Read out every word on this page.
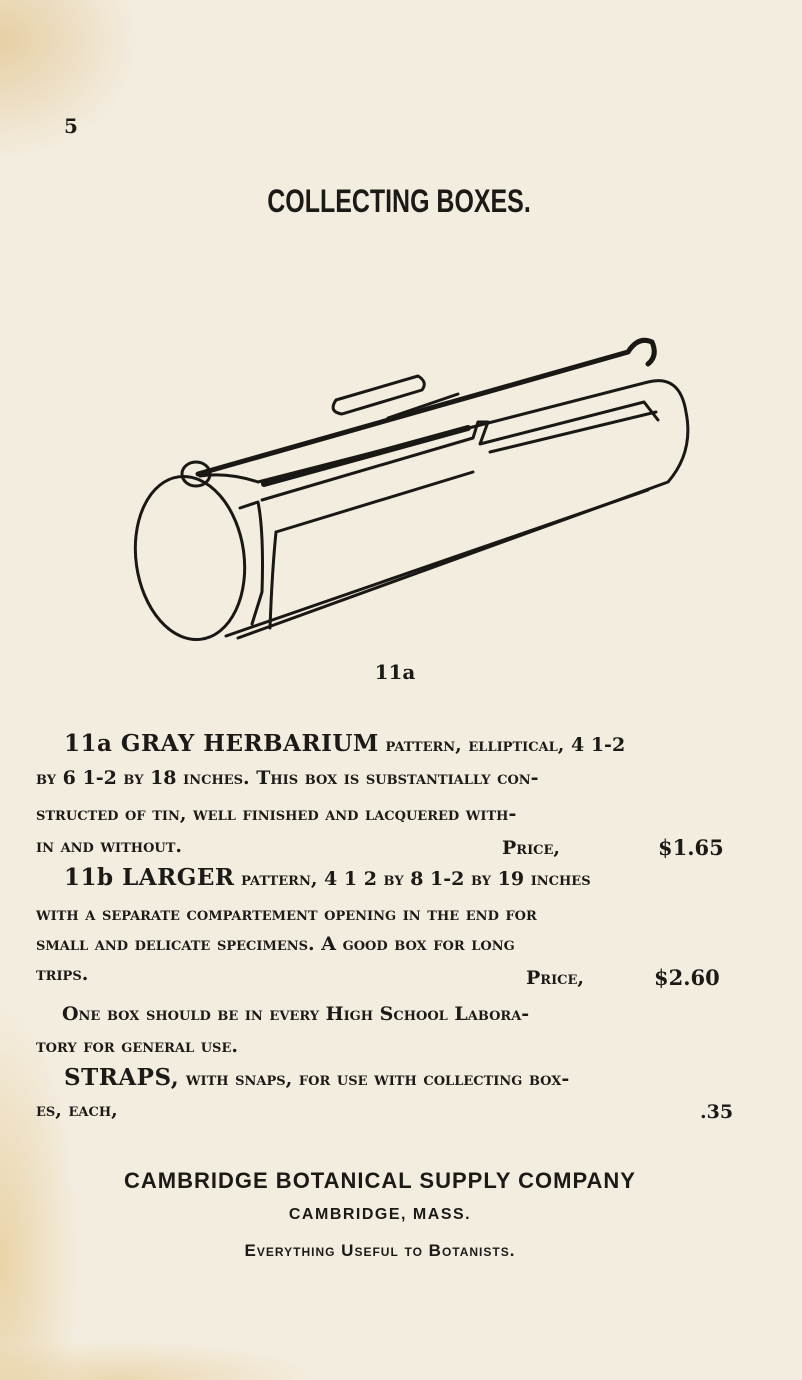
5
COLLECTING BOXES.
11a
11a GRAY HERBARIUM pattern, elliptical, 4 1-2
by 6 1-2 by 18 inches. This box is substantially con-
structed of tin, well finished and lacquered with-
in and without.	Price,	$1.65
11b LARGER pattern, 4 1 2 by 8 1-2 by 19 inches
with a separate compartement opening in the end for
small and delicate specimens. A good box for long
trips.	Price,	$2.60
One box should be in every High School Labora-
tory for general use.
STRAPS, with snaps, for use with collecting box-
es, each,	.35
CAMBRIDGE BOTANICAL SUPPLY COMPANY
CAMBRIDGE, MASS.
Everything Useful to Botanists.
